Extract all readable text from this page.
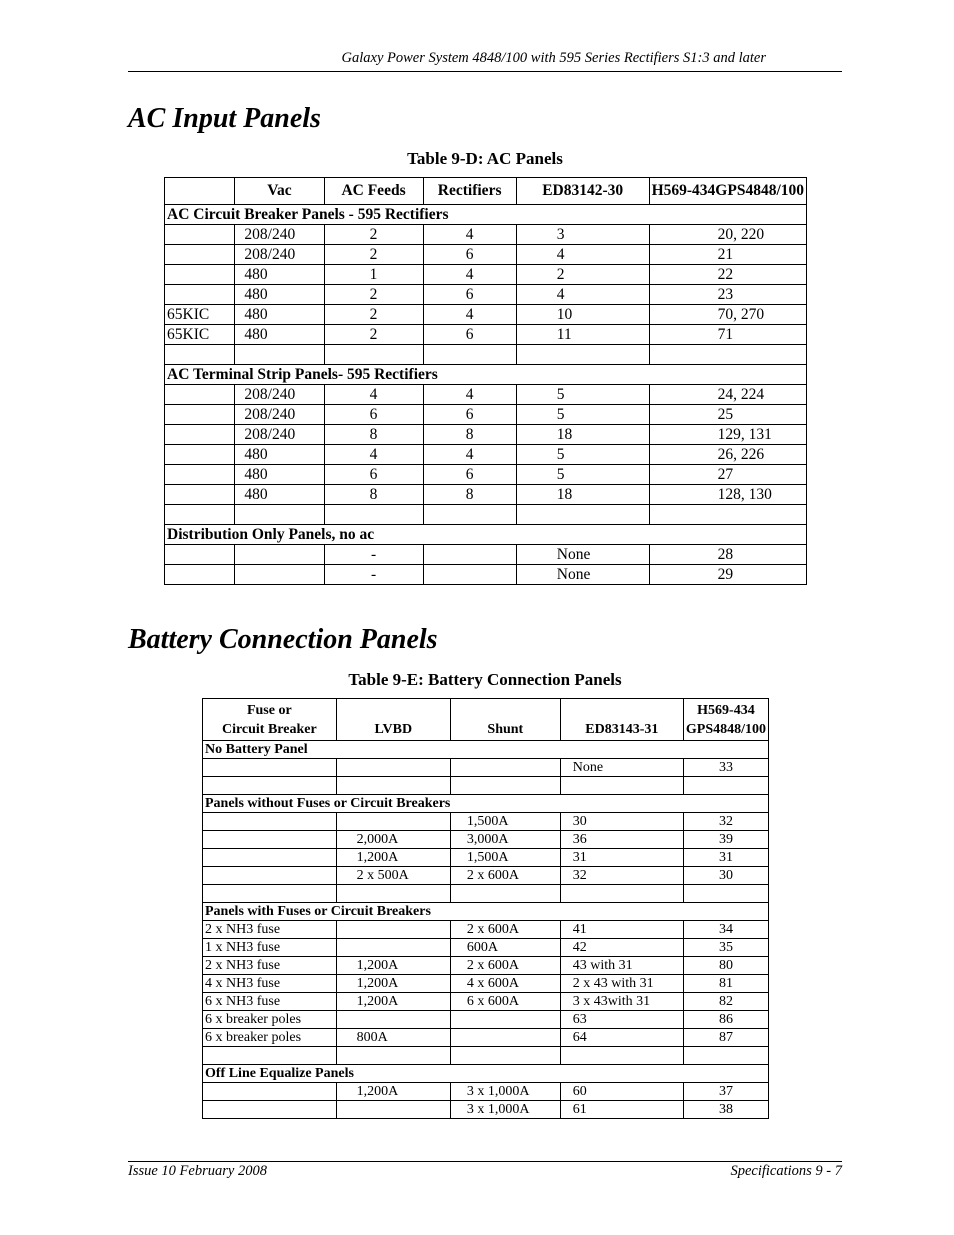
Galaxy Power System 4848/100 with 595 Series Rectifiers S1:3 and later
AC Input Panels
Table 9-D: AC Panels
	Vac	AC Feeds	Rectifiers	ED83142-30	H569-434GPS4848/100
AC Circuit Breaker Panels - 595 Rectifiers					
	208/240	2	4	3	20, 220
	208/240	2	6	4	21
	480	1	4	2	22
	480	2	6	4	23
65KIC	480	2	4	10	70, 270
65KIC	480	2	6	11	71

AC Terminal Strip Panels- 595 Rectifiers					
	208/240	4	4	5	24, 224
	208/240	6	6	5	25
	208/240	8	8	18	129, 131
	480	4	4	5	26, 226
	480	6	6	5	27
	480	8	8	18	128, 130

Distribution Only Panels, no ac					
		-		None	28
		-		None	29
Battery Connection Panels
Table 9-E: Battery Connection Panels
Fuse or
Circuit Breaker	LVBD	Shunt	ED83143-31	H569-434
GPS4848/100
No Battery Panel				
			None	33

Panels without Fuses or Circuit Breakers				
		1,500A	30	32
	2,000A	3,000A	36	39
	1,200A	1,500A	31	31
	2 x 500A	2 x 600A	32	30

Panels with Fuses or Circuit Breakers				
2 x NH3 fuse		2 x 600A	41	34
1 x NH3 fuse		600A	42	35
2 x NH3 fuse	1,200A	2 x 600A	43 with 31	80
4 x NH3 fuse	1,200A	4 x 600A	2 x 43 with 31	81
6 x NH3 fuse	1,200A	6 x 600A	3 x 43with 31	82
6 x breaker poles			63	86
6 x breaker poles	800A		64	87

Off Line Equalize Panels				
	1,200A	3 x 1,000A	60	37
		3 x 1,000A	61	38
Issue 10 February 2008	Specifications 9 - 7
